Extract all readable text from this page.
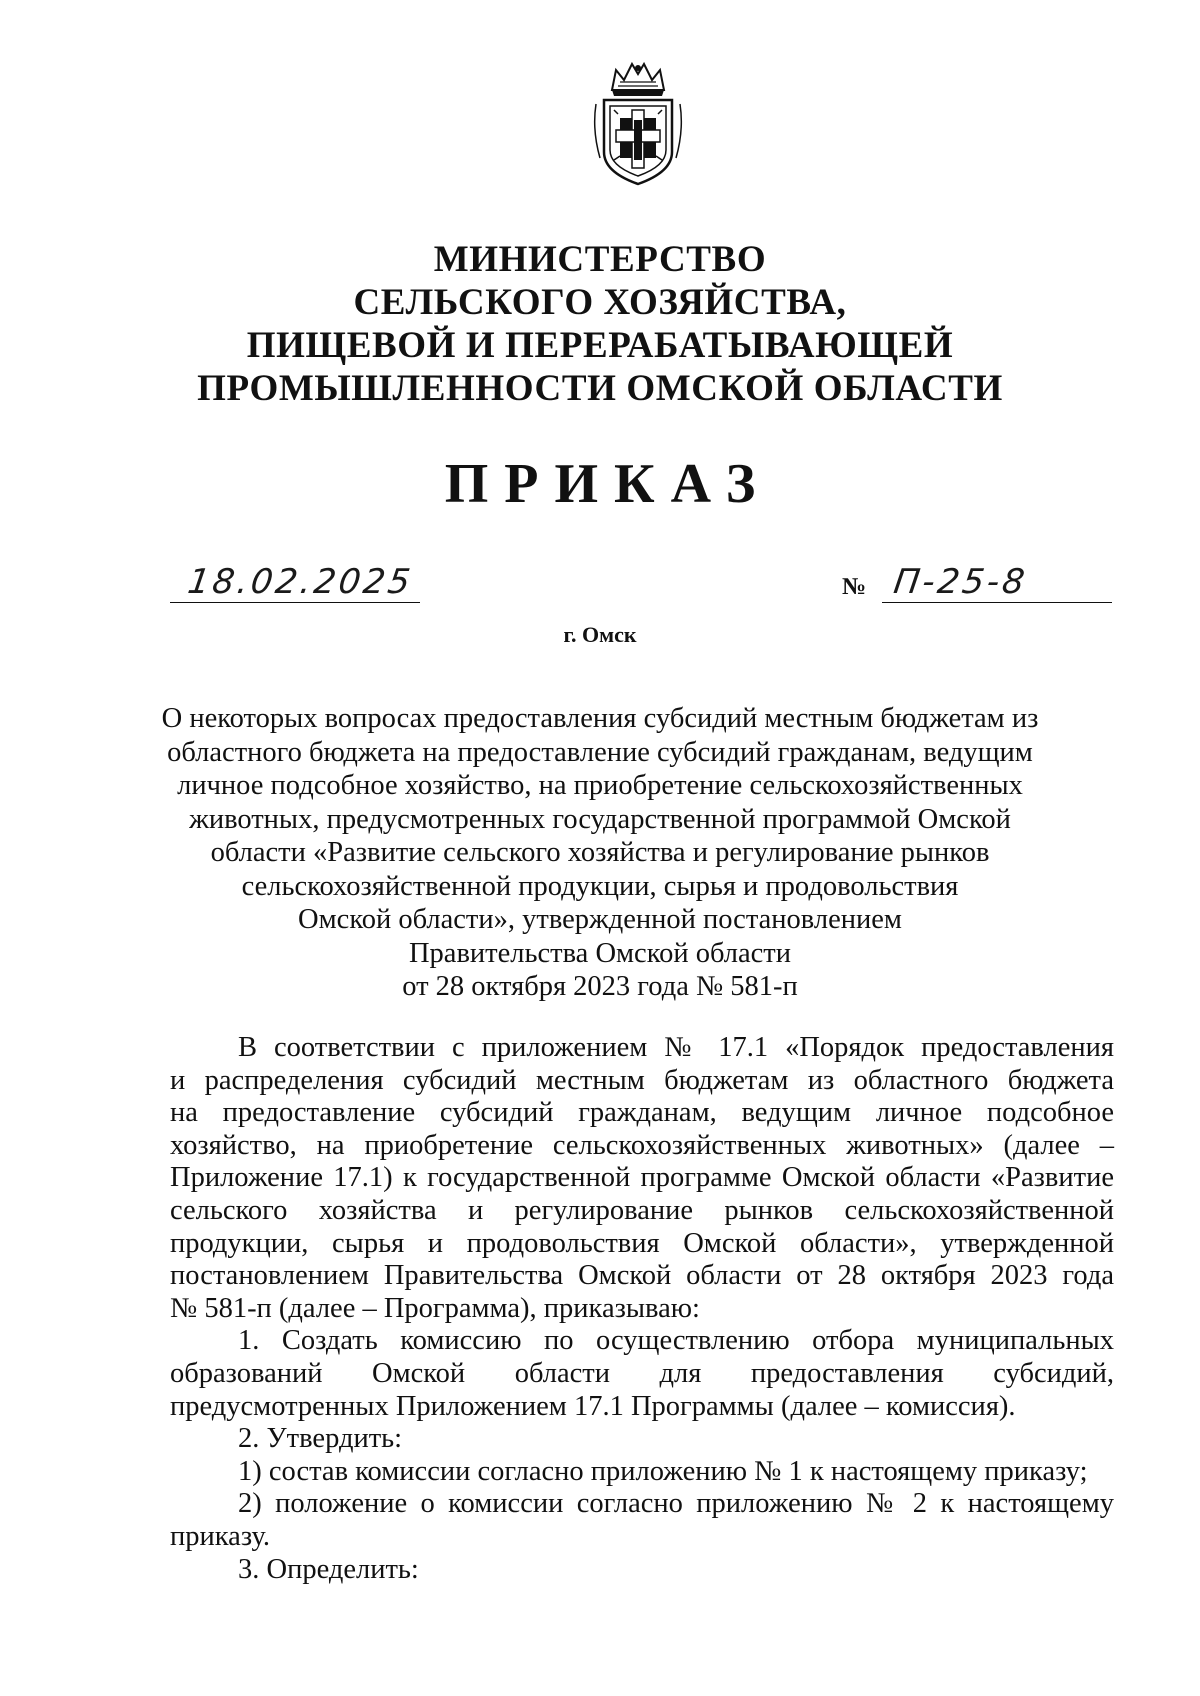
МИНИСТЕРСТВО
СЕЛЬСКОГО ХОЗЯЙСТВА,
ПИЩЕВОЙ И ПЕРЕРАБАТЫВАЮЩЕЙ
ПРОМЫШЛЕННОСТИ ОМСКОЙ ОБЛАСТИ
ПРИКАЗ
18.02.2025	№ П-25-8
г. Омск
О некоторых вопросах предоставления субсидий местным бюджетам из
областного бюджета на предоставление субсидий гражданам, ведущим
личное подсобное хозяйство, на приобретение сельскохозяйственных
животных, предусмотренных государственной программой Омской
области «Развитие сельского хозяйства и регулирование рынков
сельскохозяйственной продукции, сырья и продовольствия
Омской области», утвержденной постановлением
Правительства Омской области
от 28 октября 2023 года № 581-п
В соответствии с приложением № 17.1 «Порядок предоставления
и распределения субсидий местным бюджетам из областного бюджета
на предоставление субсидий гражданам, ведущим личное подсобное
хозяйство, на приобретение сельскохозяйственных животных» (далее –
Приложение 17.1) к государственной программе Омской области «Развитие
сельского хозяйства и регулирование рынков сельскохозяйственной
продукции, сырья и продовольствия Омской области», утвержденной
постановлением Правительства Омской области от 28 октября 2023 года
№ 581-п (далее – Программа), приказываю:
1. Создать комиссию по осуществлению отбора муниципальных
образований Омской области для предоставления субсидий,
предусмотренных Приложением 17.1 Программы (далее – комиссия).
2. Утвердить:
1) состав комиссии согласно приложению № 1 к настоящему приказу;
2) положение о комиссии согласно приложению № 2 к настоящему
приказу.
3. Определить:
